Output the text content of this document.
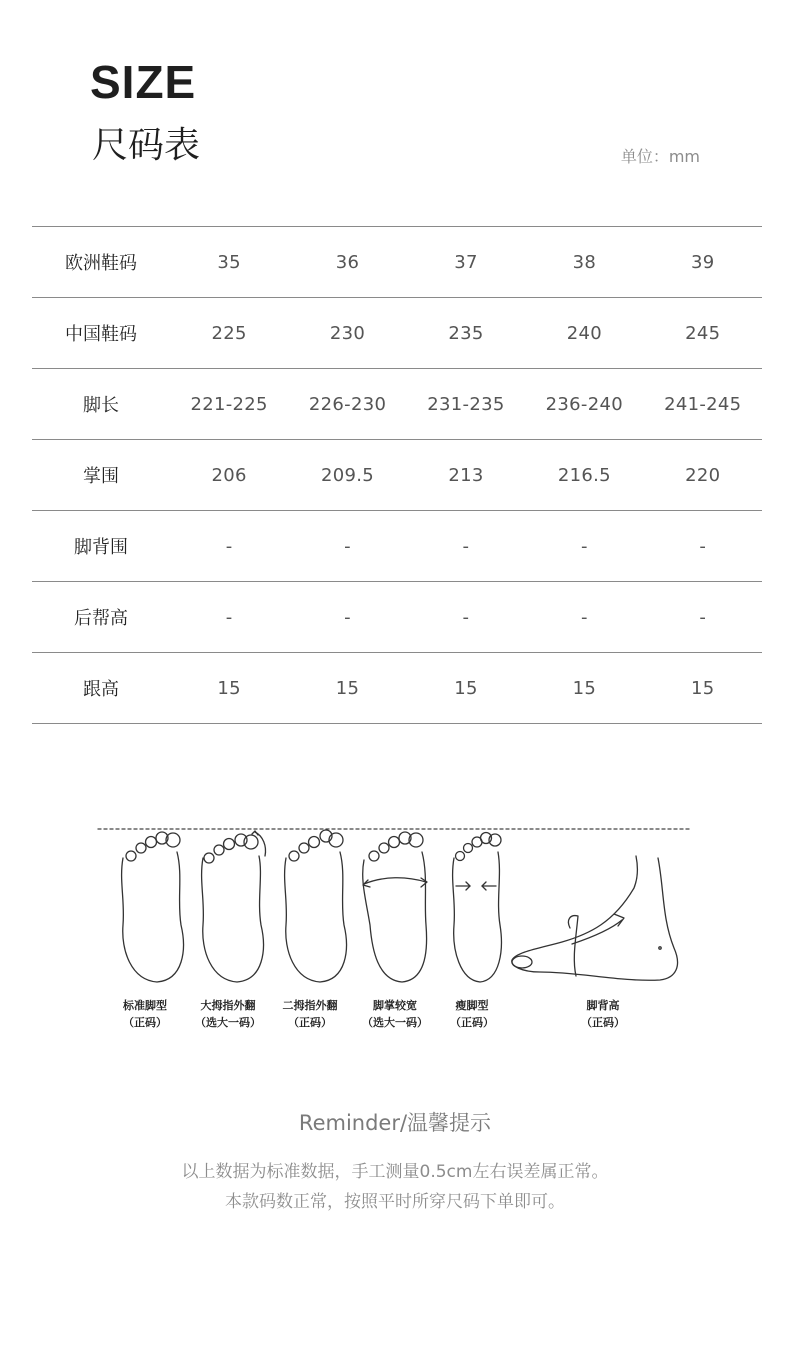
SIZE
尺码表	单位：mm
欧洲鞋码	35	36	37	38	39
中国鞋码	225	230	235	240	245
脚长	221-225	226-230	231-235	236-240	241-245
掌围	206	209.5	213	216.5	220
脚背围	-	-	-	-	-
后帮高	-	-	-	-	-
跟高	15	15	15	15	15
标准脚型
（正码）
大拇指外翻
（选大一码）
二拇指外翻
（正码）
脚掌较宽
（选大一码）
瘦脚型
（正码）
脚背高
（正码）
Reminder/温馨提示
以上数据为标准数据，手工测量0.5cm左右误差属正常。
本款码数正常，按照平时所穿尺码下单即可。
